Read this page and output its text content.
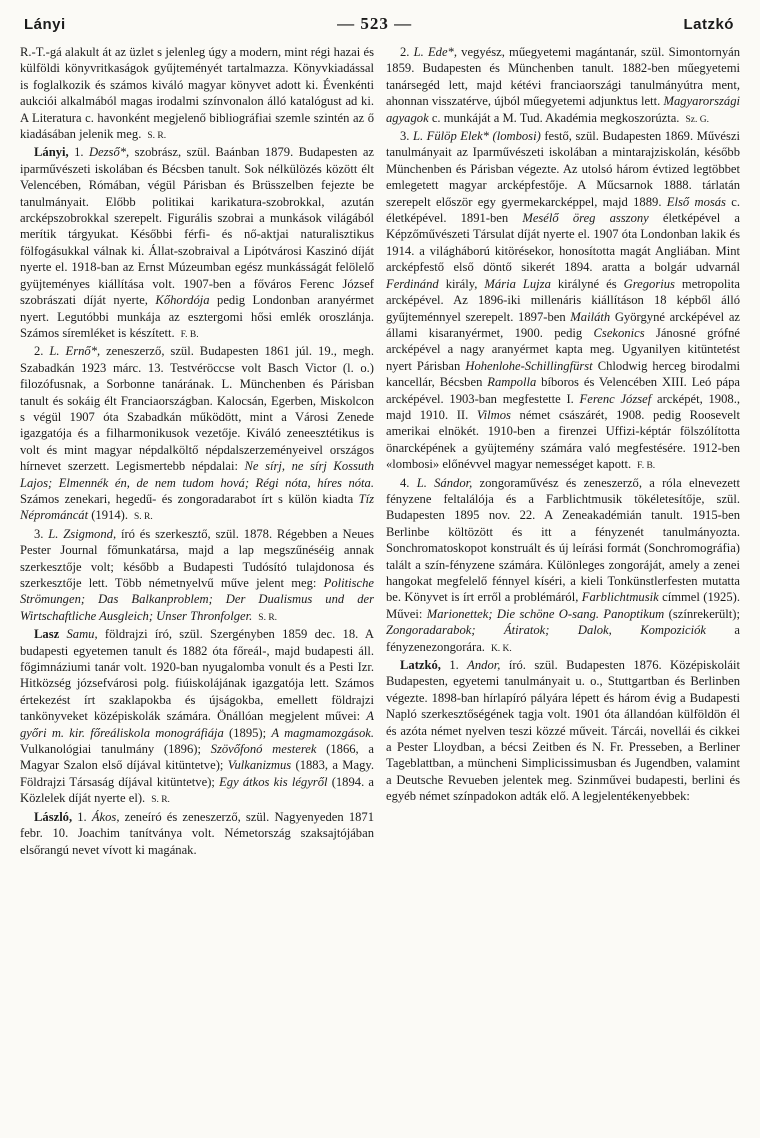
Lányi	— 523 —	Latzkó

R.-T.-gá alakult át az üzlet s jelenleg úgy a modern, mint régi hazai és külföldi könyvritkaságok gyűjteményét tartalmazza. Könyvkiadással is foglalkozik és számos kiváló magyar könyvet adott ki. Évenkénti aukciói alkalmából magas irodalmi színvonalon álló katalógust ad ki. A Literatura c. havonként megjelenő bibliográfiai szemle szintén az ő kiadásában jelenik meg. S. R.

Lányi, 1. Dezső*, szobrász, szül. Baánban 1879. Budapesten az iparművészeti iskolában és Bécsben tanult. Sok nélkülözés között élt Velencében, Rómában, végül Párisban és Brüsszelben fejezte be tanulmányait. Előbb politikai karikatura-szobrokkal, azután arcképszobrokkal szerepelt. Figurális szobrai a munkások világából merítik tárgyukat. Későbbi férfi- és nő-aktjai naturalisztikus fölfogásukkal válnak ki. Állat-szobraival a Lipótvárosi Kaszinó díját nyerte el. 1918-ban az Ernst Múzeumban egész munkásságát felölelő gyüjteményes kiállítása volt. 1907-ben a főváros Ferenc József szobrászati díját nyerte, Kőhordója pedig Londonban aranyérmet nyert. Legutóbbi munkája az esztergomi hősi emlék oroszlánja. Számos síremléket is készített. F. B.

2. L. Ernő*, zeneszerző, szül. Budapesten 1861 júl. 19., megh. Szabadkán 1923 márc. 13. Testvéröccse volt Basch Victor (l. o.) filozófusnak, a Sorbonne tanárának. L. Münchenben és Párisban tanult és sokáig élt Franciaországban. Kalocsán, Egerben, Miskolcon s végül 1907 óta Szabadkán működött, mint a Városi Zenede igazgatója és a filharmonikusok vezetője. Kiváló zeneesztétikus is volt és mint magyar népdalköltő népdalszerzeményeivel országos hírnevet szerzett. Legismertebb népdalai: Ne sírj, ne sírj Kossuth Lajos; Elmennék én, de nem tudom hová; Régi nóta, híres nóta. Számos zenekari, hegedű- és zongoradarabot írt s külön kiadta Tíz Néprománcát (1914). S. R.

3. L. Zsigmond, író és szerkesztő, szül. 1878. Régebben a Neues Pester Journal főmunkatársa, majd a lap megszűnéséig annak szerkesztője volt; később a Budapesti Tudósító tulajdonosa és szerkesztője lett. Több németnyelvű műve jelent meg: Politische Strömungen; Das Balkanproblem; Der Dualismus und der Wirtschaftliche Ausgleich; Unser Thronfolger. S. R.

Lasz Samu, földrajzi író, szül. Szergényben 1859 dec. 18. A budapesti egyetemen tanult és 1882 óta főreál-, majd budapesti áll. főgimnáziumi tanár volt. 1920-ban nyugalomba vonult és a Pesti Izr. Hitközség józsefvárosi polg. fiúiskolájának igazgatója lett. Számos értekezést írt szaklapokba és újságokba, emellett földrajzi tankönyveket középiskolák számára. Önállóan megjelent művei: A győri m. kir. főreáliskola monográfiája (1895); A magmamozgások. Vulkanológiai tanulmány (1896); Szövőfonó mesterek (1866, a Magyar Szalon első díjával kitüntetve); Vulkanizmus (1883, a Magy. Földrajzi Társaság díjával kitüntetve); Egy átkos kis légyről (1894. a Közlelek díját nyerte el). S. R.

László, 1. Ákos, zeneíró és zeneszerző, szül. Nagyenyeden 1871 febr. 10. Joachim tanítványa volt. Németország szaksajtójában elsőrangú nevet vívott ki magának.

2. L. Ede*, vegyész, műegyetemi magántanár, szül. Simontornyán 1859. Budapesten és Münchenben tanult. 1882-ben műegyetemi tanársegéd lett, majd kétévi franciaországi tanulmányútra ment, ahonnan visszatérve, újból műegyetemi adjunktus lett. Magyarországi agyagok c. munkáját a M. Tud. Akadémia megkoszorúzta. Sz. G.

3. L. Fülöp Elek* (lombosi) festő, szül. Budapesten 1869. Művészi tanulmányait az Iparművészeti iskolában a mintarajziskolán, később Münchenben és Párisban végezte. Az utolsó három évtized legtöbbet emlegetett magyar arcképfestője. A Műcsarnok 1888. tárlatán szerepelt először egy gyermekarcképpel, majd 1889. Első mosás c. életképével. 1891-ben Mesélő öreg asszony életképével a Képzőművészeti Társulat díját nyerte el. 1907 óta Londonban lakik és 1914. a világháború kitörésekor, honosította magát Angliában. Mint arcképfestő első döntő sikerét 1894. aratta a bolgár udvarnál Ferdinánd király, Mária Lujza királyné és Gregorius metropolita arcképével. Az 1896-iki millenáris kiállításon 18 képből álló gyűjteménnyel szerepelt. 1897-ben Mailáth Györgyné arcképével az állami kisaranyérmet, 1900. pedig Csekonics Jánosné grófné arcképével a nagy aranyérmet kapta meg. Ugyanilyen kitüntetést nyert Párisban Hohenlohe-Schillingfürst Chlodwig herceg birodalmi kancellár, Bécsben Rampolla bíboros és Velencében XIII. Leó pápa arcképével. 1903-ban megfestette I. Ferenc József arcképét, 1908., majd 1910. II. Vilmos német császárét, 1908. pedig Roosevelt amerikai elnökét. 1910-ben a firenzei Uffizi-képtár fölszólította önarcképének a gyüjtemény számára való megfestésére. 1912-ben «lombosi» előnévvel magyar nemességet kapott. F. B.

4. L. Sándor, zongoraművész és zeneszerző, a róla elnevezett fényzene feltalálója és a Farblichtmusik tökéletesítője, szül. Budapesten 1895 nov. 22. A Zeneakadémián tanult. 1915-ben Berlinbe költözött és itt a fényzenét tanulmányozta. Sonchromatoskopot konstruált és új leírási formát (Sonchromográfia) talált a szín-fényzene számára. Különleges zongoráját, amely a zenei hangokat megfelelő fénnyel kíséri, a kieli Tonkünstlerfesten mutatta be. Könyvet is írt erről a problémáról, Farblichtmusik címmel (1925). Művei: Marionettek; Die schöne O-sang. Panoptikum (színrekerült); Zongoradarabok; Átiratok; Dalok, Kompoziciók a fényzenezongorára. K. K.

Latzkó, 1. Andor, író. szül. Budapesten 1876. Középiskoláit Budapesten, egyetemi tanulmányait u. o., Stuttgartban és Berlinben végezte. 1898-ban hírlapíró pályára lépett és három évig a Budapesti Napló szerkesztőségének tagja volt. 1901 óta állandóan külföldön él és azóta német nyelven teszi közzé műveit. Tárcái, novellái és cikkei a Pester Lloydban, a bécsi Zeitben és N. Fr. Presseben, a Berliner Tageblattban, a müncheni Simplicissimusban és Jugendben, valamint a Deutsche Revueben jelentek meg. Szinművei budapesti, berlini és egyéb német színpadokon adták elő. A legjelentékenyebbek:
